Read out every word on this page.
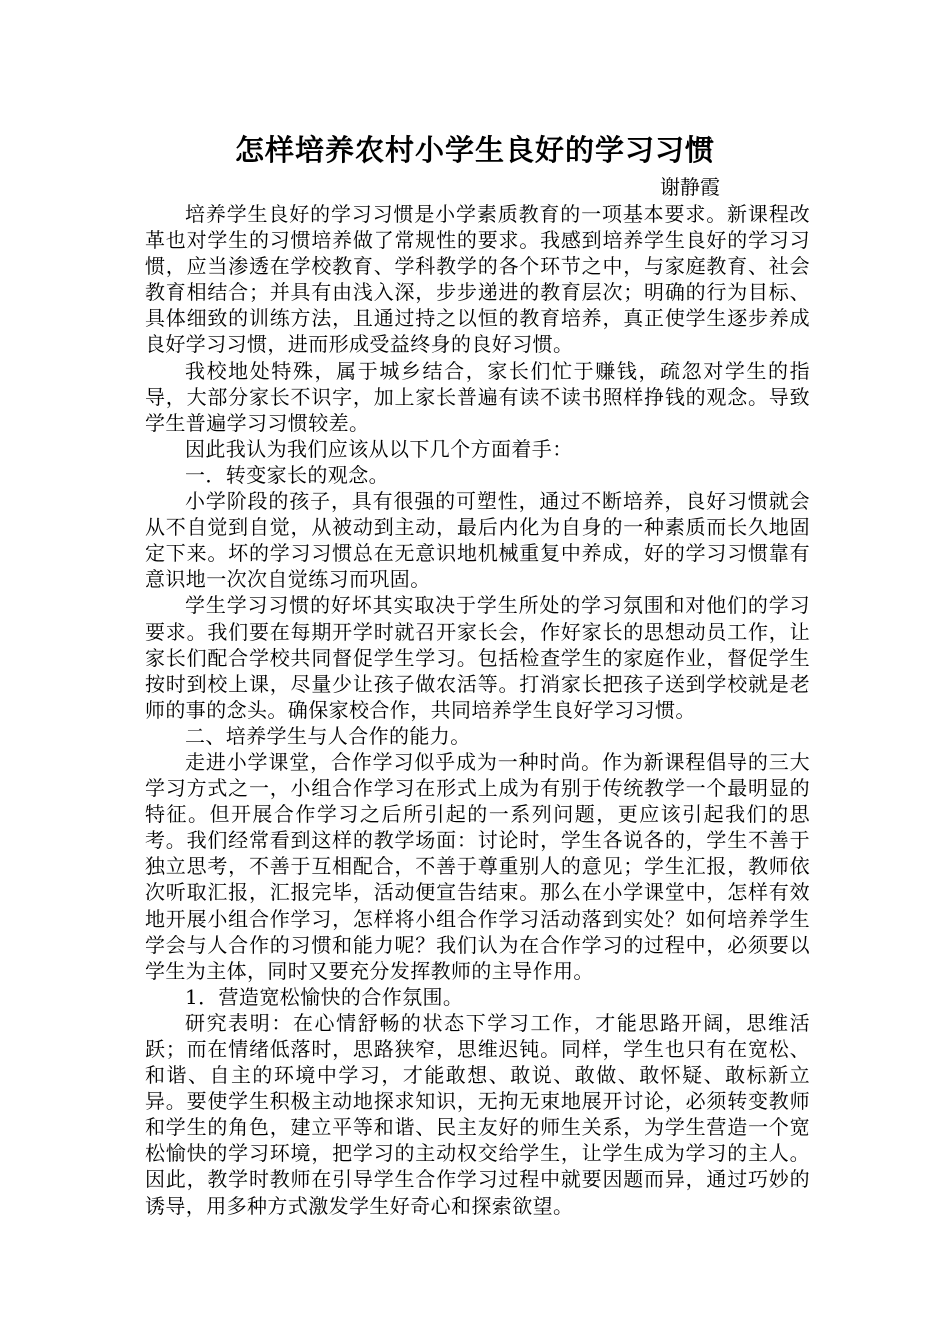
怎样培养农村小学生良好的学习习惯
谢静霞

培养学生良好的学习习惯是小学素质教育的一项基本要求。新课程改革也对学生的习惯培养做了常规性的要求。我感到培养学生良好的学习习惯，应当渗透在学校教育、学科教学的各个环节之中，与家庭教育、社会教育相结合；并具有由浅入深，步步递进的教育层次；明确的行为目标、具体细致的训练方法，且通过持之以恒的教育培养，真正使学生逐步养成良好学习习惯，进而形成受益终身的良好习惯。

我校地处特殊，属于城乡结合，家长们忙于赚钱，疏忽对学生的指导，大部分家长不识字，加上家长普遍有读不读书照样挣钱的观念。导致学生普遍学习习惯较差。

因此我认为我们应该从以下几个方面着手：

一．转变家长的观念。

小学阶段的孩子，具有很强的可塑性，通过不断培养，良好习惯就会从不自觉到自觉，从被动到主动，最后内化为自身的一种素质而长久地固定下来。坏的学习习惯总在无意识地机械重复中养成，好的学习习惯靠有意识地一次次自觉练习而巩固。

学生学习习惯的好坏其实取决于学生所处的学习氛围和对他们的学习要求。我们要在每期开学时就召开家长会，作好家长的思想动员工作，让家长们配合学校共同督促学生学习。包括检查学生的家庭作业，督促学生按时到校上课，尽量少让孩子做农活等。打消家长把孩子送到学校就是老师的事的念头。确保家校合作，共同培养学生良好学习习惯。

二、培养学生与人合作的能力。

走进小学课堂，合作学习似乎成为一种时尚。作为新课程倡导的三大学习方式之一，小组合作学习在形式上成为有别于传统教学一个最明显的特征。但开展合作学习之后所引起的一系列问题，更应该引起我们的思考。我们经常看到这样的教学场面：讨论时，学生各说各的，学生不善于独立思考，不善于互相配合，不善于尊重别人的意见；学生汇报，教师依次听取汇报，汇报完毕，活动便宣告结束。那么在小学课堂中，怎样有效地开展小组合作学习，怎样将小组合作学习活动落到实处？如何培养学生学会与人合作的习惯和能力呢？我们认为在合作学习的过程中，必须要以学生为主体，同时又要充分发挥教师的主导作用。

1．营造宽松愉快的合作氛围。

研究表明：在心情舒畅的状态下学习工作，才能思路开阔，思维活跃；而在情绪低落时，思路狭窄，思维迟钝。同样，学生也只有在宽松、和谐、自主的环境中学习，才能敢想、敢说、敢做、敢怀疑、敢标新立异。要使学生积极主动地探求知识，无拘无束地展开讨论，必须转变教师和学生的角色，建立平等和谐、民主友好的师生关系，为学生营造一个宽松愉快的学习环境，把学习的主动权交给学生，让学生成为学习的主人。因此，教学时教师在引导学生合作学习过程中就要因题而异，通过巧妙的诱导，用多种方式激发学生好奇心和探索欲望。
